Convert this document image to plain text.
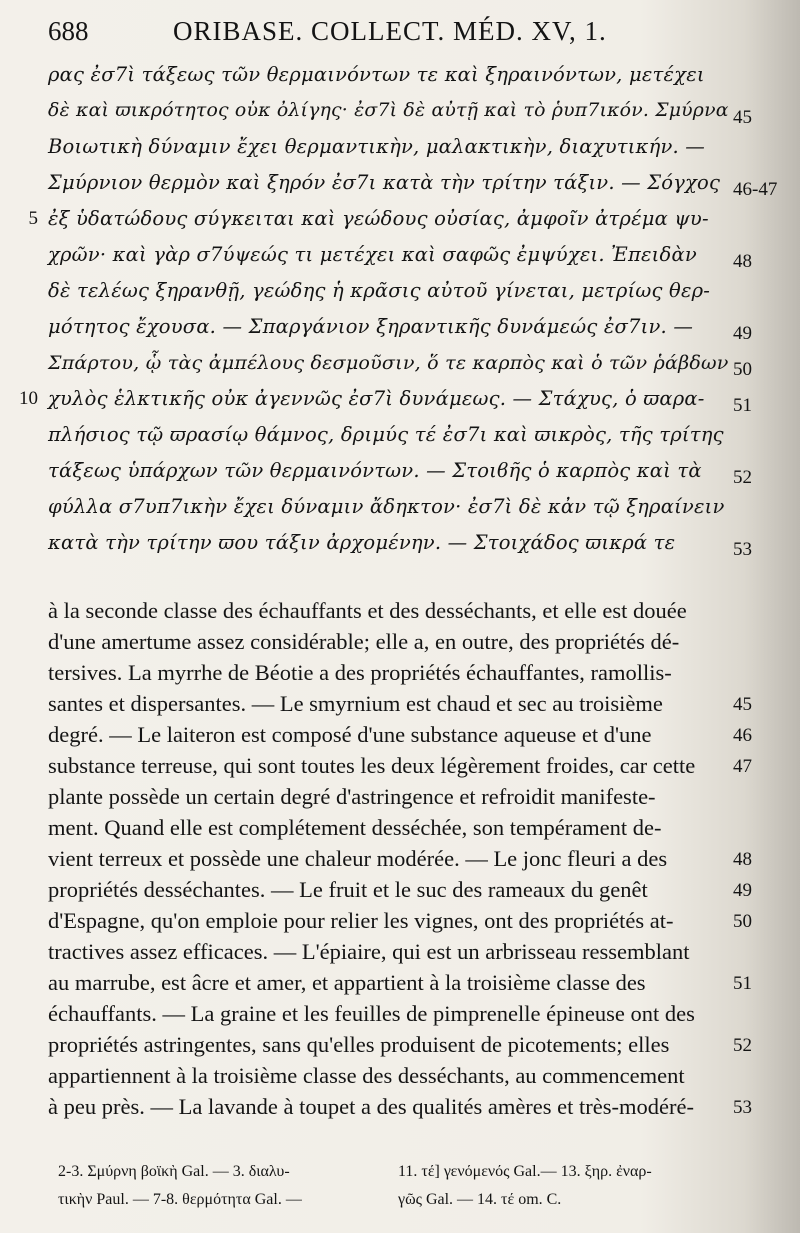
688	ORIBASE. COLLECT. MÉD. XV, 1.
ρας ἐσ7ὶ τάξεως τῶν θερμαινόντων τε καὶ ξηραινόντων, μετέχει
δὲ καὶ ϖικρότητος οὐκ ὀλίγης· ἐσ7ὶ δὲ αὐτῇ καὶ τὸ ῥυπ7ικόν. Σμύρνα 45
Βοιωτικὴ δύναμιν ἔχει θερμαντικὴν, μαλακτικὴν, διαχυτικήν. —
Σμύρνιον θερμὸν καὶ ξηρόν ἐσ7ι κατὰ τὴν τρίτην τάξιν. — Σόγχος 46-47
5 ἐξ ὑδατώδους σύγκειται καὶ γεώδους οὐσίας, ἀμφοῖν ἀτρέμα ψυ-
χρῶν· καὶ γὰρ σ7ύψεώς τι μετέχει καὶ σαφῶς ἐμψύχει. Ἐπειδὰν 48
δὲ τελέως ξηρανθῇ, γεώδης ἡ κρᾶσις αὐτοῦ γίνεται, μετρίως θερ-
μότητος ἔχουσα. — Σπαργάνιον ξηραντικῆς δυνάμεώς ἐσ7ιν. — 49
Σπάρτου, ᾧ τὰς ἀμπέλους δεσμοῦσιν, ὅ τε καρπὸς καὶ ὁ τῶν ῥάβδων 50
10 χυλὸς ἑλκτικῆς οὐκ ἀγεννῶς ἐσ7ὶ δυνάμεως. — Στάχυς, ὁ ϖαρα- 51
πλήσιος τῷ ϖρασίῳ θάμνος, δριμύς τέ ἐσ7ι καὶ ϖικρὸς, τῆς τρίτης
τάξεως ὑπάρχων τῶν θερμαινόντων. — Στοιϐῆς ὁ καρπὸς καὶ τὰ 52
φύλλα σ7υπ7ικὴν ἔχει δύναμιν ἄδηκτον· ἐσ7ὶ δὲ κἀν τῷ ξηραίνειν
κατὰ τὴν τρίτην ϖου τάξιν ἀρχομένην. — Στοιχάδος ϖικρά τε	53
à la seconde classe des échauffants et des desséchants, et elle est douée
d'une amertume assez considérable; elle a, en outre, des propriétés dé-
tersives. La myrrhe de Béotie a des propriétés échauffantes, ramollis-
santes et dispersantes. — Le smyrnium est chaud et sec au troisième	45
degré. — Le laiteron est composé d'une substance aqueuse et d'une	46
substance terreuse, qui sont toutes les deux légèrement froides, car cette 47
plante possède un certain degré d'astringence et refroidit manifeste-
ment. Quand elle est complétement desséchée, son tempérament de-
vient terreux et possède une chaleur modérée. — Le jonc fleuri a des	48
propriétés desséchantes. — Le fruit et le suc des rameaux du genêt	49
d'Espagne, qu'on emploie pour relier les vignes, ont des propriétés at-	50
tractives assez efficaces. — L'épiaire, qui est un arbrisseau ressemblant
au marrube, est âcre et amer, et appartient à la troisième classe des	51
échauffants. — La graine et les feuilles de pimprenelle épineuse ont des
propriétés astringentes, sans qu'elles produisent de picotements; elles	52
appartiennent à la troisième classe des desséchants, au commencement
à peu près. — La lavande à toupet a des qualités amères et très-modéré- 53
2-3. Σμύρνη βοϊκὴ Gal. — 3. διαλυ-
τικὴν Paul. — 7-8. θερμότητα Gal. —
11. τέ] γενόμενός Gal.— 13. ξηρ. ἐναρ-
γῶς Gal. — 14. τέ om. C.
